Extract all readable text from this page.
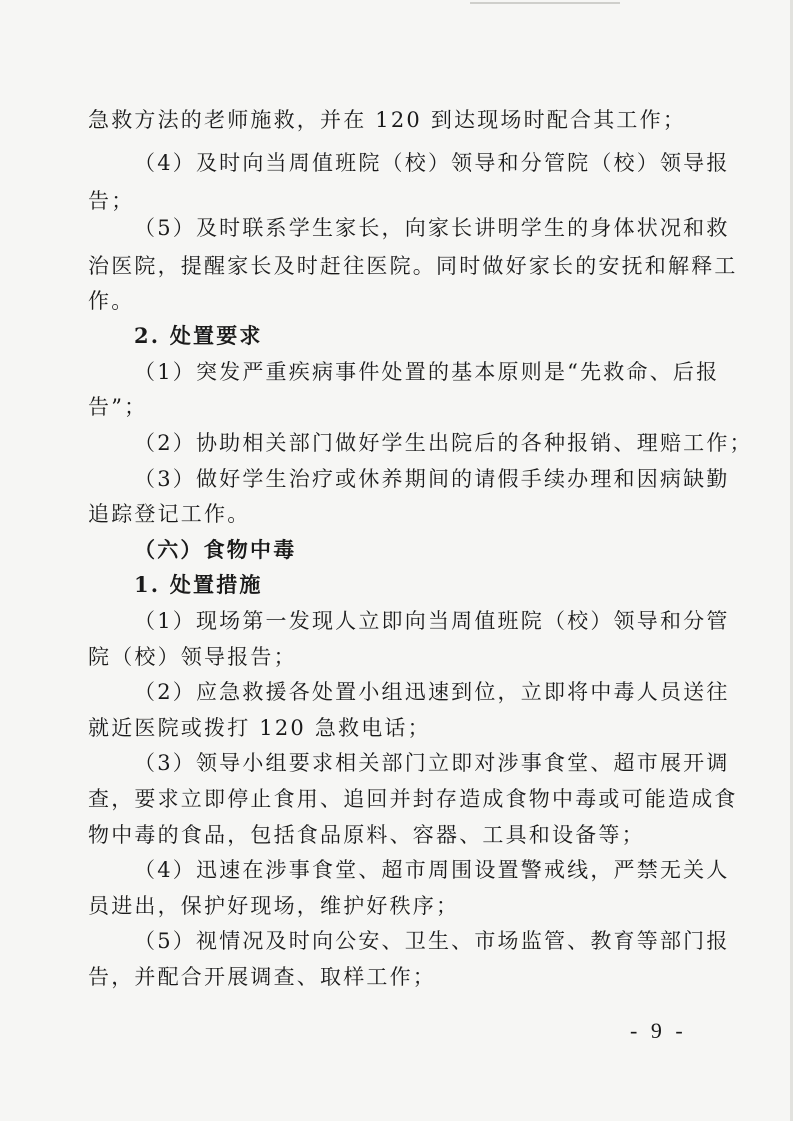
急救方法的老师施救，并在 120 到达现场时配合其工作；
（4）及时向当周值班院（校）领导和分管院（校）领导报
告；
（5）及时联系学生家长，向家长讲明学生的身体状况和救
治医院，提醒家长及时赶往医院。同时做好家长的安抚和解释工
作。
2. 处置要求
（1）突发严重疾病事件处置的基本原则是“先救命、后报
告”；
（2）协助相关部门做好学生出院后的各种报销、理赔工作；
（3）做好学生治疗或休养期间的请假手续办理和因病缺勤
追踪登记工作。
（六）食物中毒
1. 处置措施
（1）现场第一发现人立即向当周值班院（校）领导和分管
院（校）领导报告；
（2）应急救援各处置小组迅速到位，立即将中毒人员送往
就近医院或拨打 120 急救电话；
（3）领导小组要求相关部门立即对涉事食堂、超市展开调
查，要求立即停止食用、追回并封存造成食物中毒或可能造成食
物中毒的食品，包括食品原料、容器、工具和设备等；
（4）迅速在涉事食堂、超市周围设置警戒线，严禁无关人
员进出，保护好现场，维护好秩序；
（5）视情况及时向公安、卫生、市场监管、教育等部门报
告，并配合开展调查、取样工作；
- 9 -
